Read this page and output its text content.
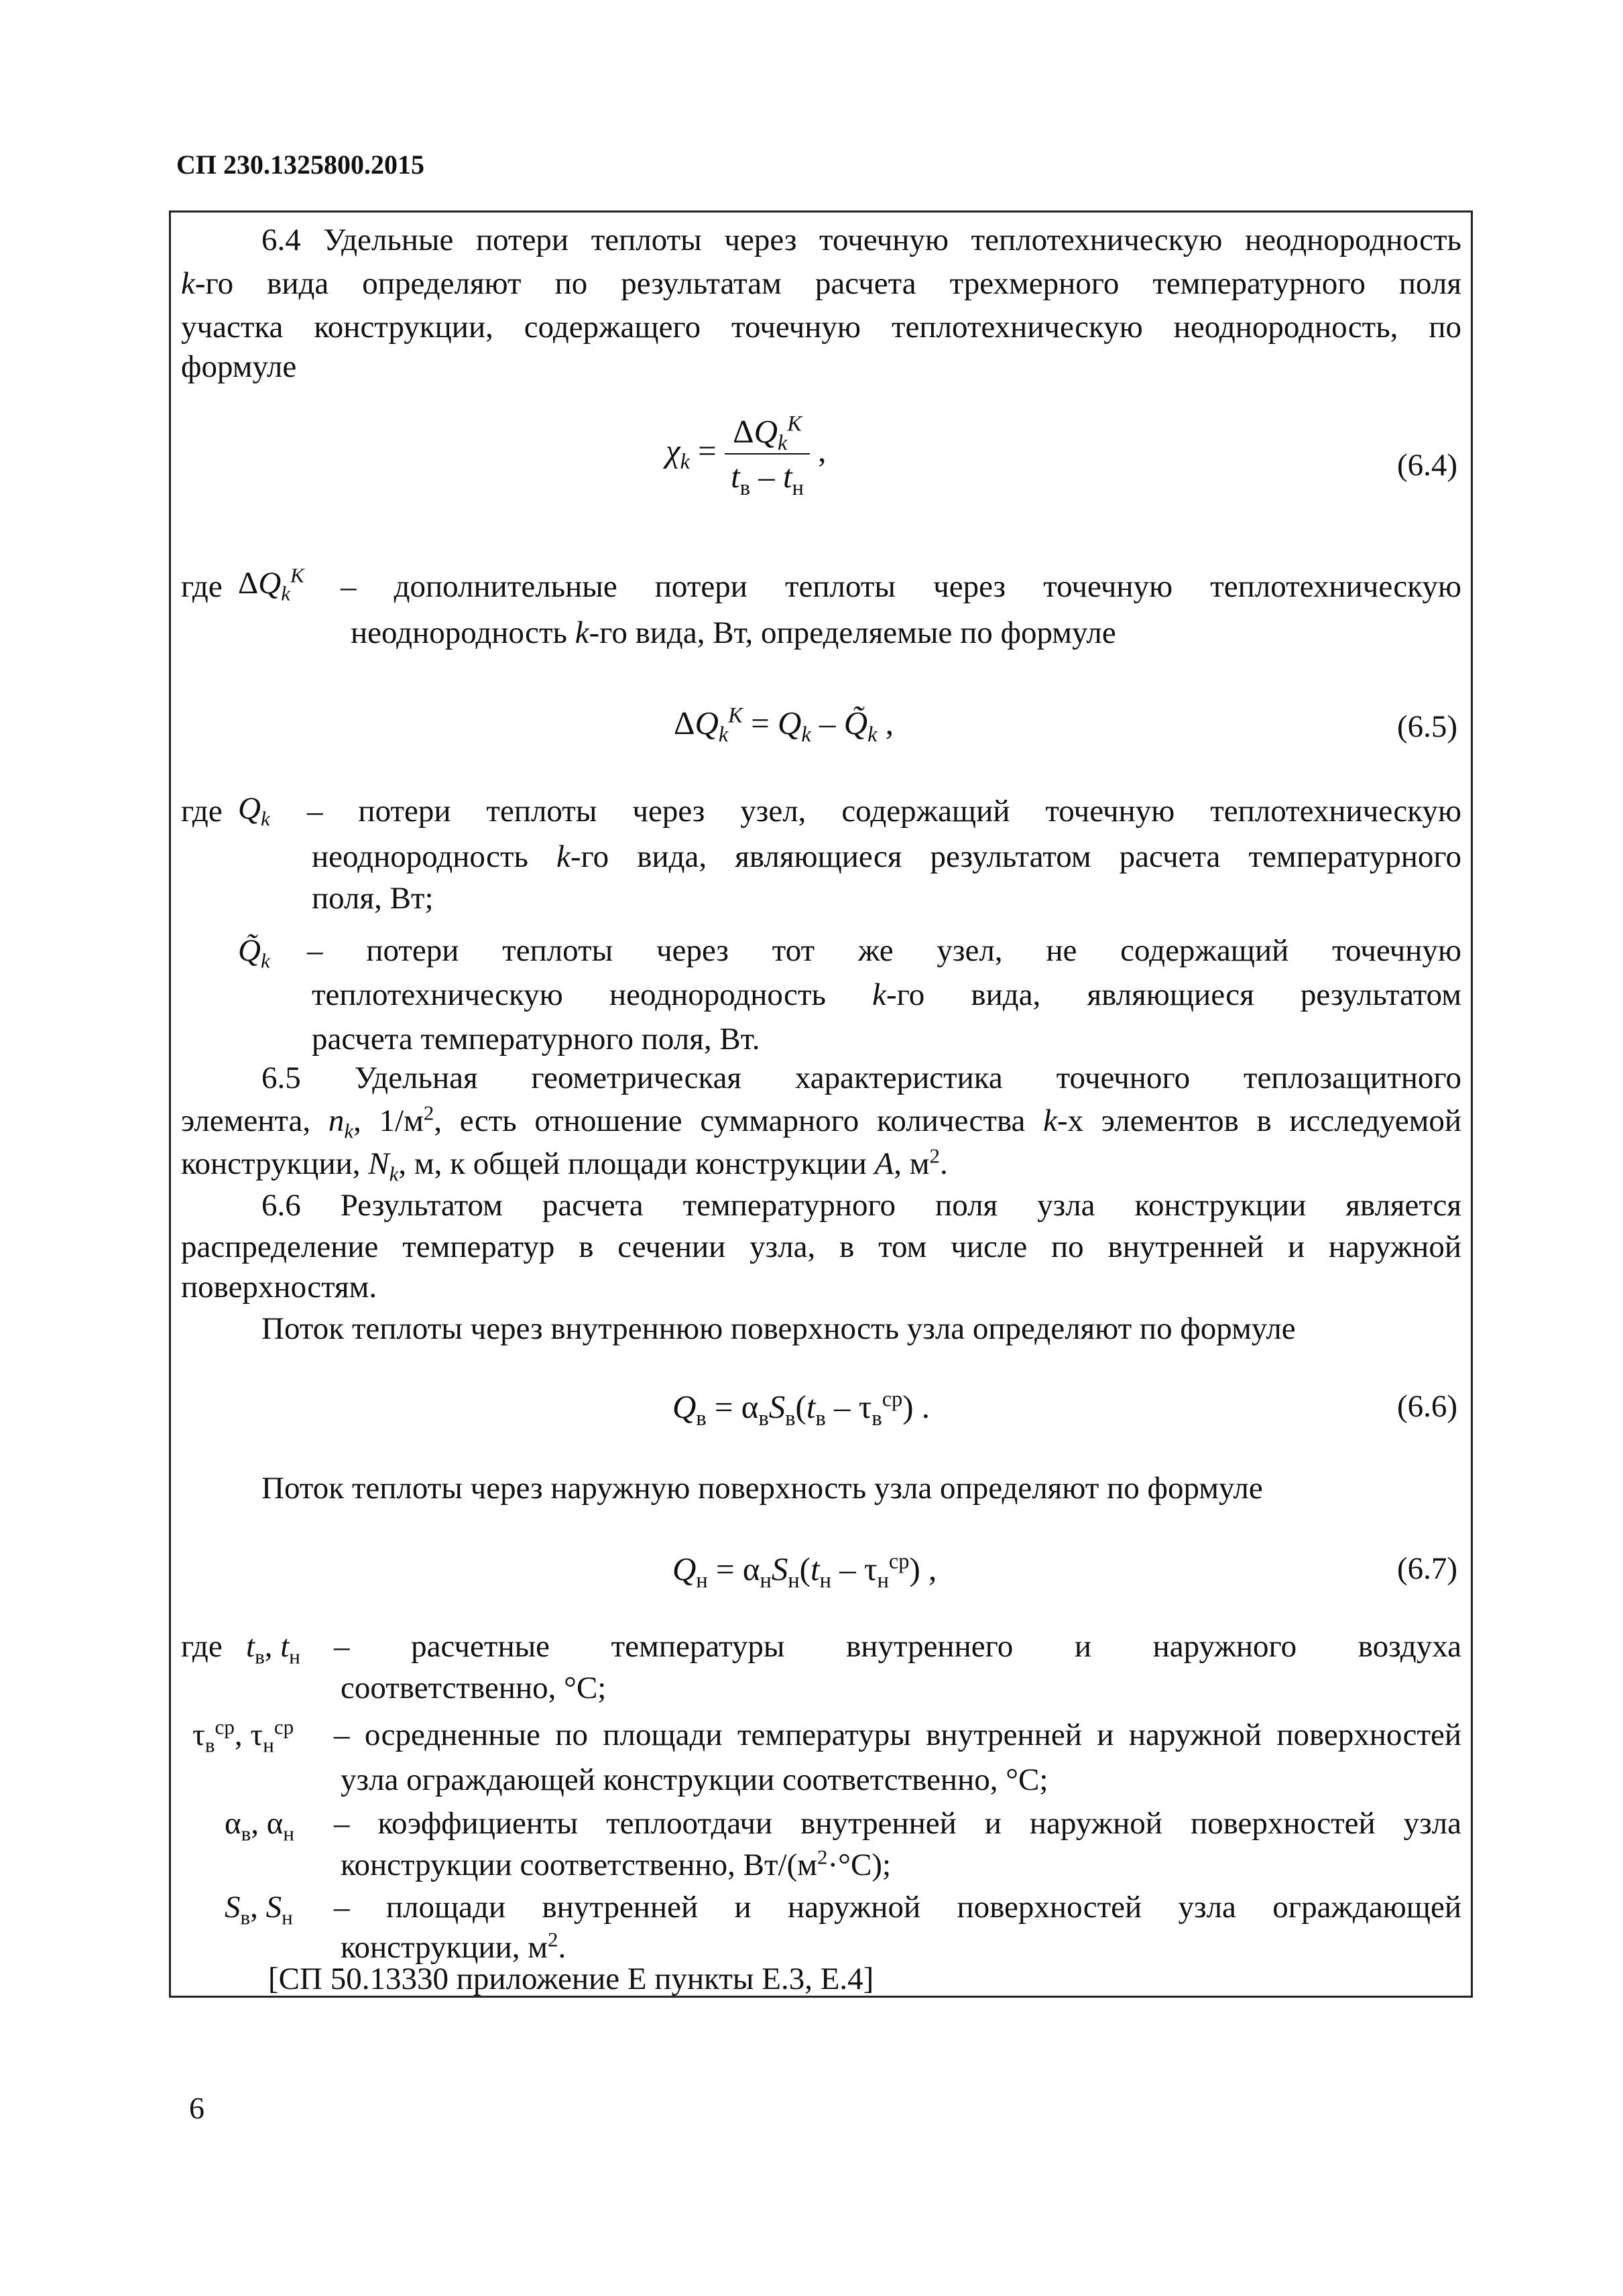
СП 230.1325800.2015
6.4 Удельные потери теплоты через точечную теплотехническую неоднородность
k-го вида определяют по результатам расчета трехмерного температурного поля
участка конструкции, содержащего точечную теплотехническую неоднородность, по
формуле
$\chi_k = \frac{\Delta Q_k^K}{t_в - t_н}$ ,	(6.4)
где $\Delta Q_k^K$ – дополнительные потери теплоты через точечную теплотехническую
неоднородность k-го вида, Вт, определяемые по формуле
$\Delta Q_k^K = Q_k$ – $Q̃_k$ ,	(6.5)
где $Q_k$ – потери теплоты через узел, содержащий точечную теплотехническую
неоднородность k-го вида, являющиеся результатом расчета температурного
поля, Вт;
$Q̃_k$ – потери теплоты через тот же узел, не содержащий точечную
теплотехническую неоднородность k-го вида, являющиеся результатом
расчета температурного поля, Вт.
6.5 Удельная геометрическая характеристика точечного теплозащитного
элемента, $n_k$, $1/м^2$, есть отношение суммарного количества k-х элементов в исследуемой
конструкции, $N_k$, м, к общей площади конструкции A, $м^2$.
6.6 Результатом расчета температурного поля узла конструкции является
распределение температур в сечении узла, в том числе по внутренней и наружной
поверхностям.
Поток теплоты через внутреннюю поверхность узла определяют по формуле
$Q_в = \alpha_вS_в(t_в - \tau_в^{ср})$ .	(6.6)
Поток теплоты через наружную поверхность узла определяют по формуле
$Q_н = \alpha_нS_н(t_н - \tau_н^{ср})$ ,	(6.7)
где $t_в$, $t_н$ – расчетные температуры внутреннего и наружного воздуха
соответственно, °С;
$\tau_в^{ср}$, $\tau_н^{ср}$ – осредненные по площади температуры внутренней и наружной поверхностей
узла ограждающей конструкции соответственно, °С;
$\alpha_в$, $\alpha_н$ – коэффициенты теплоотдачи внутренней и наружной поверхностей узла
конструкции соответственно, $Вт/(м^2\cdot^\circ С)$;
$S_в$, $S_н$ – площади внутренней и наружной поверхностей узла ограждающей
конструкции, $м^2$.
[СП 50.13330 приложение Е пункты Е.3, Е.4]
6
